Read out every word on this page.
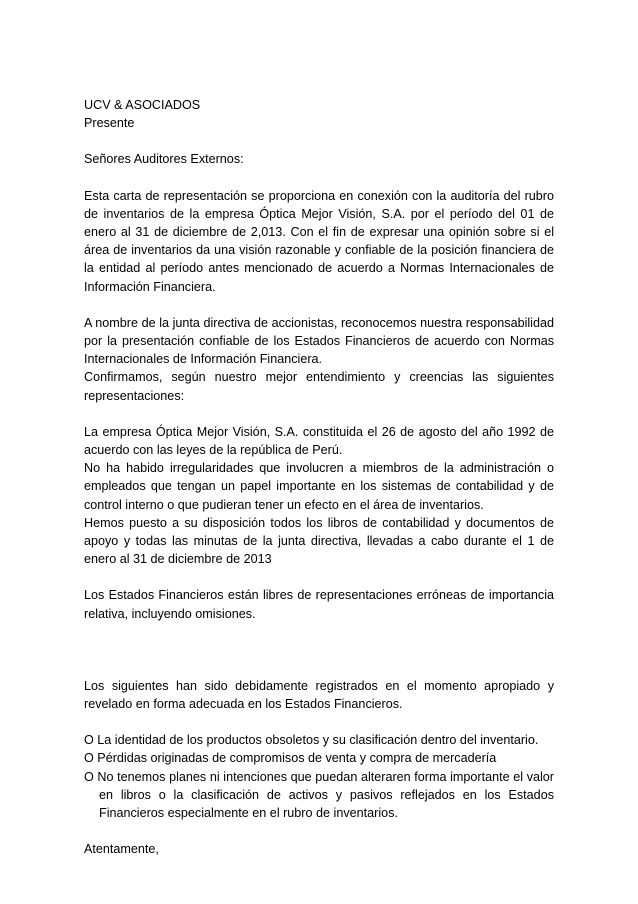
UCV & ASOCIADOS

Presente

Señores Auditores Externos:

Esta carta de representación se proporciona en conexión con la auditoría del rubro de inventarios de la empresa Óptica Mejor Visión, S.A. por el período del 01 de enero al 31 de diciembre de 2,013. Con el fin de expresar una opinión sobre si el área de inventarios da una visión razonable y confiable de la posición financiera de la entidad al período antes mencionado de acuerdo a Normas Internacionales de Información Financiera.

A nombre de la junta directiva de accionistas, reconocemos nuestra responsabilidad por la presentación confiable de los Estados Financieros de acuerdo con Normas Internacionales de Información Financiera.

Confirmamos, según nuestro mejor entendimiento y creencias las siguientes representaciones:

La empresa Óptica Mejor Visión, S.A. constituida el 26 de agosto del año 1992 de acuerdo con las leyes de la república de Perú.

No ha habido irregularidades que involucren a miembros de la administración o empleados que tengan un papel importante en los sistemas de contabilidad y de control interno o que pudieran tener un efecto en el área de inventarios.

Hemos puesto a su disposición todos los libros de contabilidad y documentos de apoyo y todas las minutas de la junta directiva, llevadas a cabo durante el 1 de enero al 31 de diciembre de 2013

Los Estados Financieros están libres de representaciones erróneas de importancia relativa, incluyendo omisiones.

Los siguientes han sido debidamente registrados en el momento apropiado y revelado en forma adecuada en los Estados Financieros.

O La identidad de los productos obsoletos y su clasificación dentro del inventario.

O Pérdidas originadas de compromisos de venta y compra de mercadería

O No tenemos planes ni intenciones que puedan alteraren forma importante el valor en libros o la clasificación de activos y pasivos reflejados en los Estados Financieros especialmente en el rubro de inventarios.

Atentamente,
